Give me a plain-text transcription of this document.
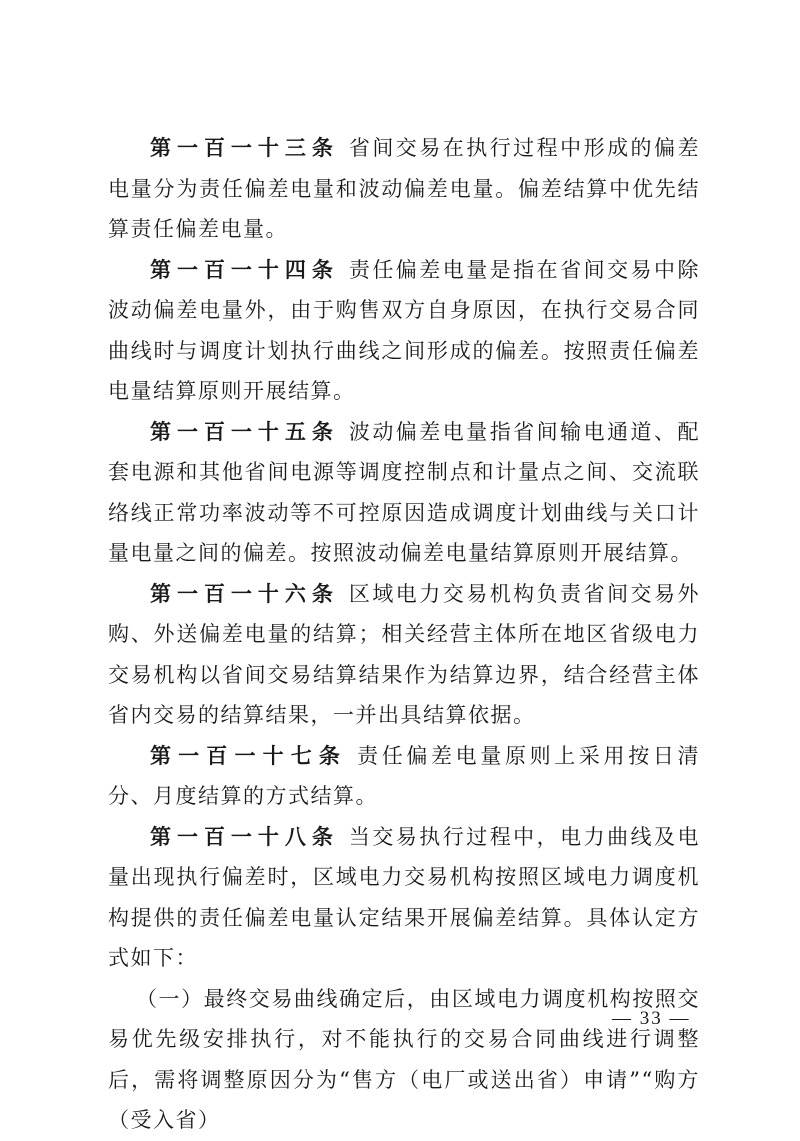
第一百一十三条 省间交易在执行过程中形成的偏差电量分为责任偏差电量和波动偏差电量。偏差结算中优先结算责任偏差电量。

第一百一十四条 责任偏差电量是指在省间交易中除波动偏差电量外，由于购售双方自身原因，在执行交易合同曲线时与调度计划执行曲线之间形成的偏差。按照责任偏差电量结算原则开展结算。

第一百一十五条 波动偏差电量指省间输电通道、配套电源和其他省间电源等调度控制点和计量点之间、交流联络线正常功率波动等不可控原因造成调度计划曲线与关口计量电量之间的偏差。按照波动偏差电量结算原则开展结算。

第一百一十六条 区域电力交易机构负责省间交易外购、外送偏差电量的结算；相关经营主体所在地区省级电力交易机构以省间交易结算结果作为结算边界，结合经营主体省内交易的结算结果，一并出具结算依据。

第一百一十七条 责任偏差电量原则上采用按日清分、月度结算的方式结算。

第一百一十八条 当交易执行过程中，电力曲线及电量出现执行偏差时，区域电力交易机构按照区域电力调度机构提供的责任偏差电量认定结果开展偏差结算。具体认定方式如下：

（一）最终交易曲线确定后，由区域电力调度机构按照交易优先级安排执行，对不能执行的交易合同曲线进行调整后，需将调整原因分为“售方（电厂或送出省）申请”“购方（受入省）

— 33 —
